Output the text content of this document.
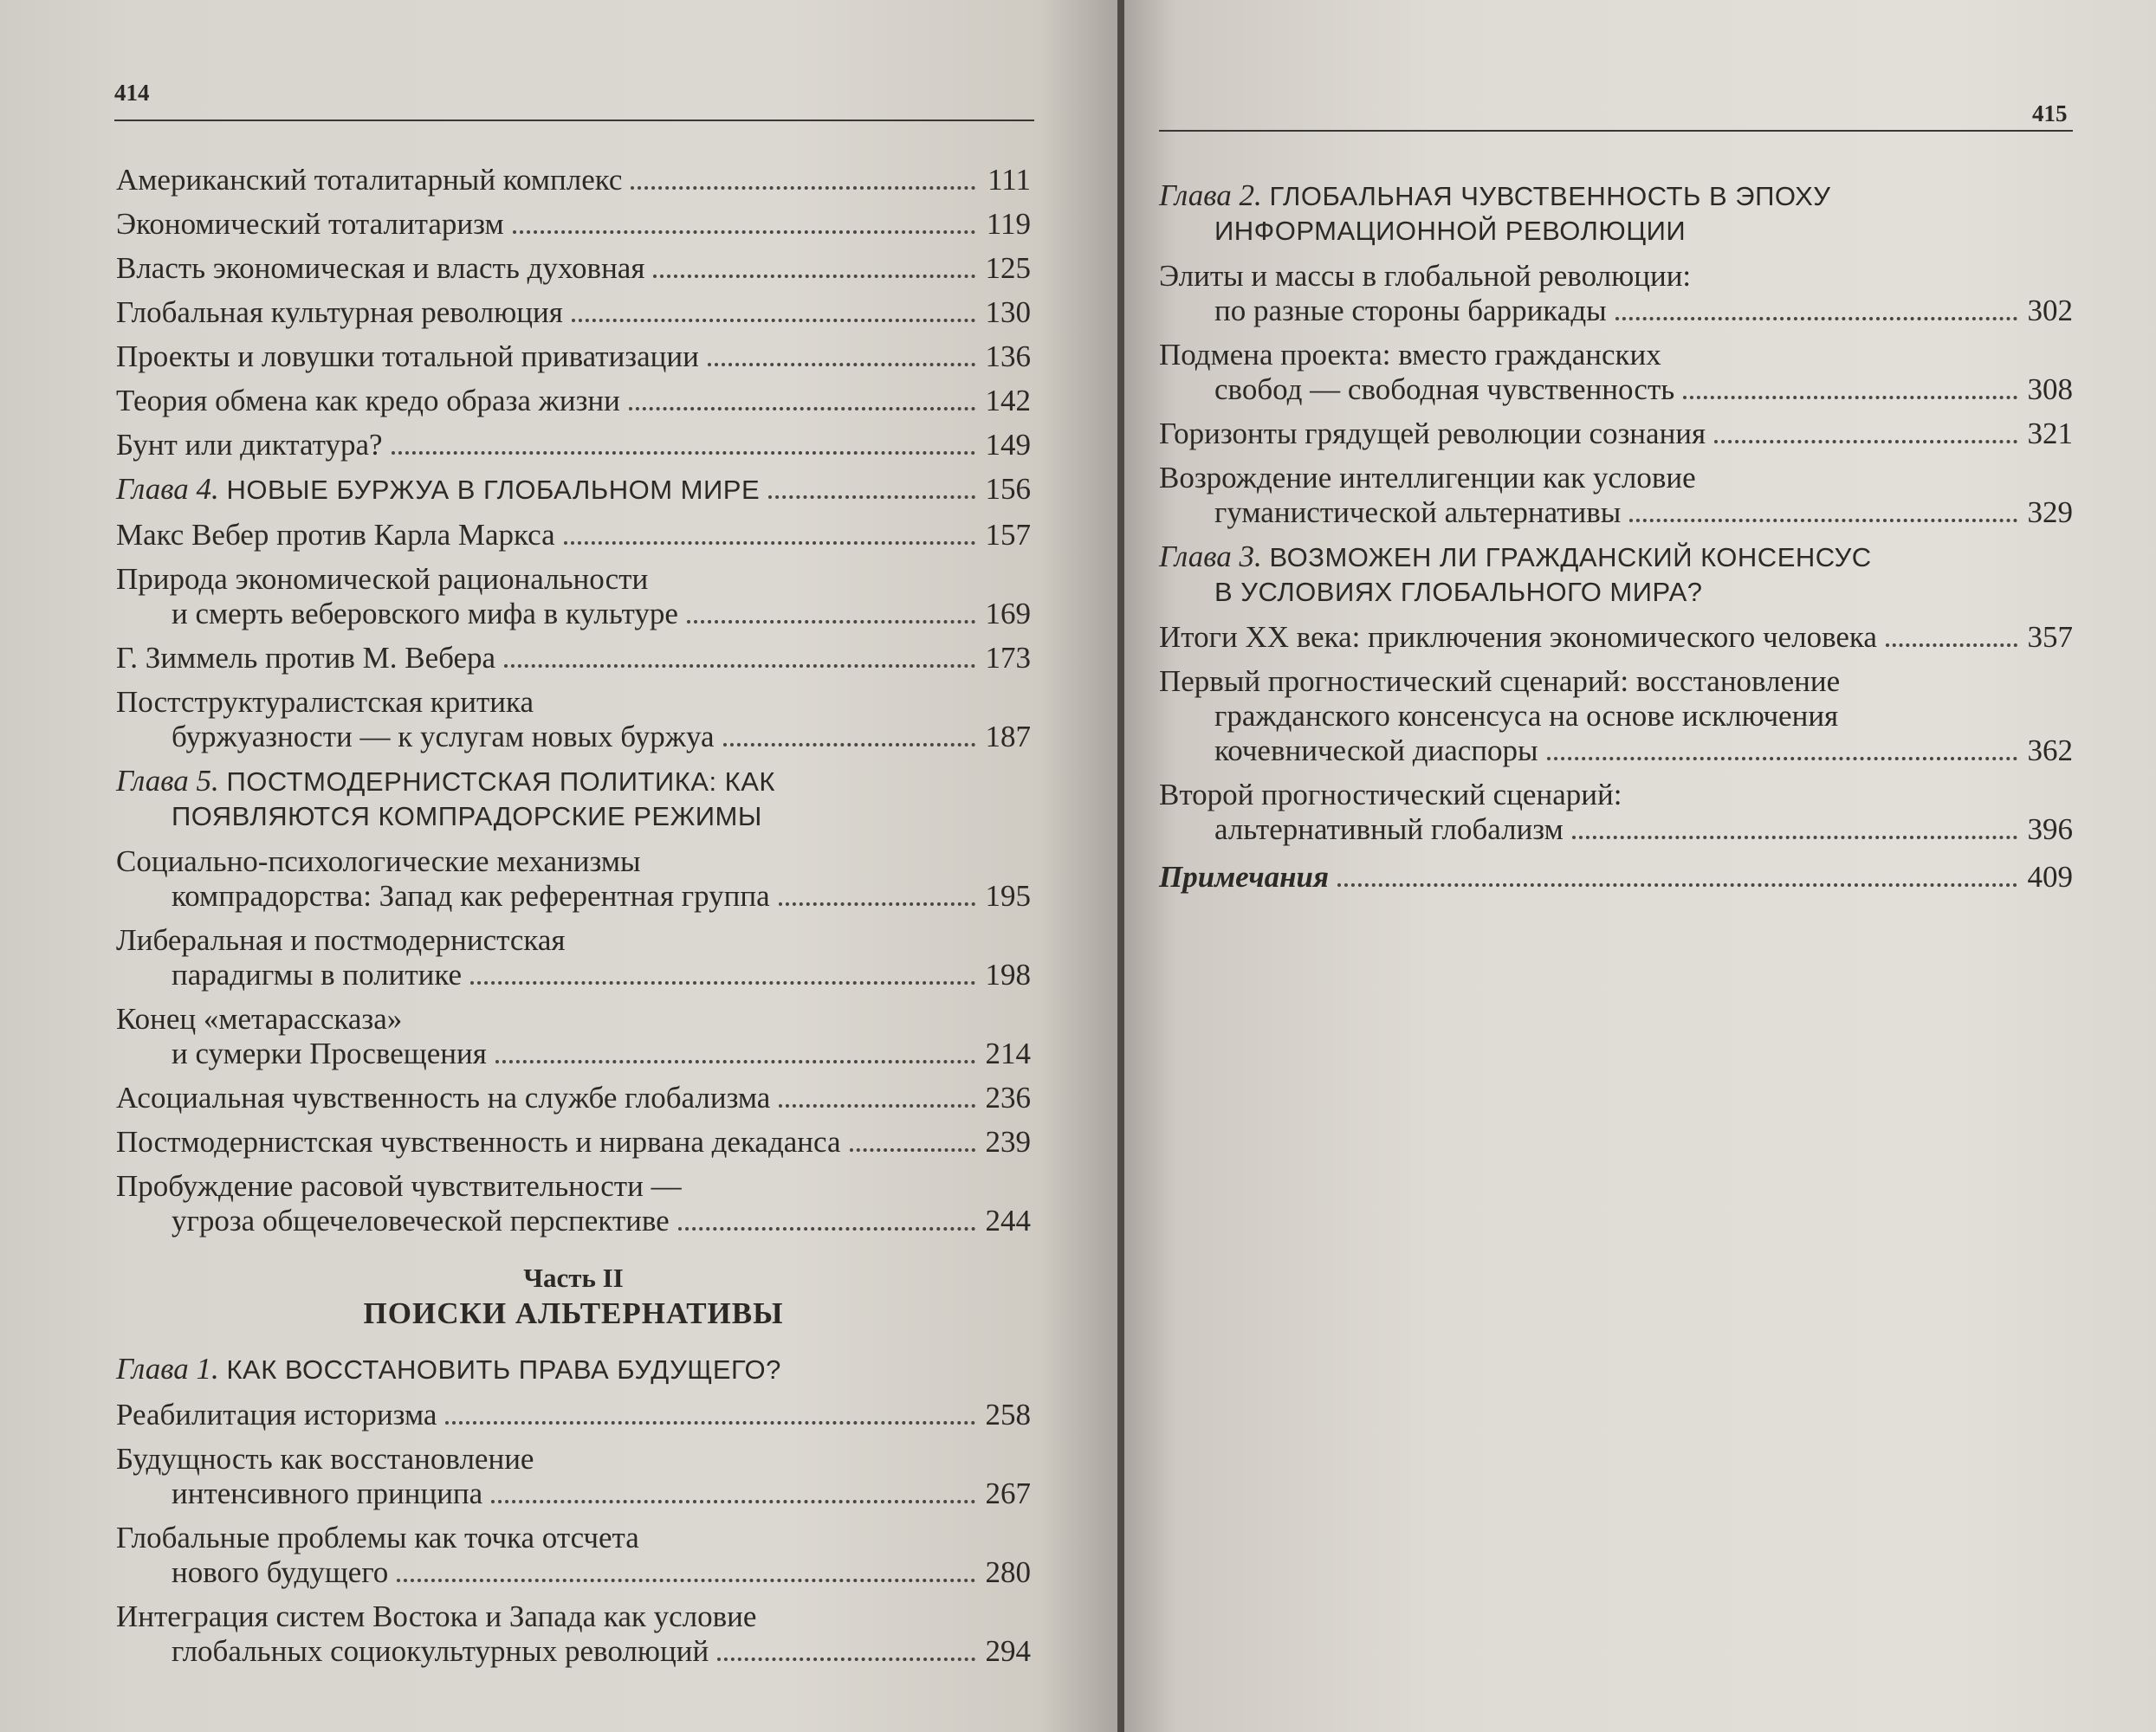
414
Американский тоталитарный комплекс	111
Экономический тоталитаризм	119
Власть экономическая и власть духовная	125
Глобальная культурная революция	130
Проекты и ловушки тотальной приватизации	136
Теория обмена как кредо образа жизни	142
Бунт или диктатура?	149
Глава 4.
НОВЫЕ БУРЖУА В ГЛОБАЛЬНОМ МИРЕ	156
Макс Вебер против Карла Маркса	157
Природа экономической рациональности
и смерть веберовского мифа в культуре	169
Г. Зиммель против М. Вебера	173
Постструктуралистская критика
буржуазности — к услугам новых буржуа	187
Глава 5.
ПОСТМОДЕРНИСТСКАЯ ПОЛИТИКА: КАК
ПОЯВЛЯЮТСЯ КОМПРАДОРСКИЕ РЕЖИМЫ
Социально-психологические механизмы
компрадорства: Запад как референтная группа	195
Либеральная и постмодернистская
парадигмы в политике	198
Конец «метарассказа»
и сумерки Просвещения	214
Асоциальная чувственность на службе глобализма	236
Постмодернистская чувственность и нирвана декаданса	239
Пробуждение расовой чувствительности —
угроза общечеловеческой перспективе	244
Часть II
ПОИСКИ АЛЬТЕРНАТИВЫ
Глава 1.
КАК ВОССТАНОВИТЬ ПРАВА БУДУЩЕГО?
Реабилитация историзма	258
Будущность как восстановление
интенсивного принципа	267
Глобальные проблемы как точка отсчета
нового будущего	280
Интеграция систем Востока и Запада как условие
глобальных социокультурных революций	294
415
Глава 2.
ГЛОБАЛЬНАЯ ЧУВСТВЕННОСТЬ В ЭПОХУ
ИНФОРМАЦИОННОЙ РЕВОЛЮЦИИ
Элиты и массы в глобальной революции:
по разные стороны баррикады	302
Подмена проекта: вместо гражданских
свобод — свободная чувственность	308
Горизонты грядущей революции сознания	321
Возрождение интеллигенции как условие
гуманистической альтернативы	329
Глава 3.
ВОЗМОЖЕН ЛИ ГРАЖДАНСКИЙ КОНСЕНСУС
В УСЛОВИЯХ ГЛОБАЛЬНОГО МИРА?
Итоги XX века: приключения экономического человека	357
Первый прогностический сценарий: восстановление
гражданского консенсуса на основе исключения
кочевнической диаспоры	362
Второй прогностический сценарий:
альтернативный глобализм	396
Примечания	409
